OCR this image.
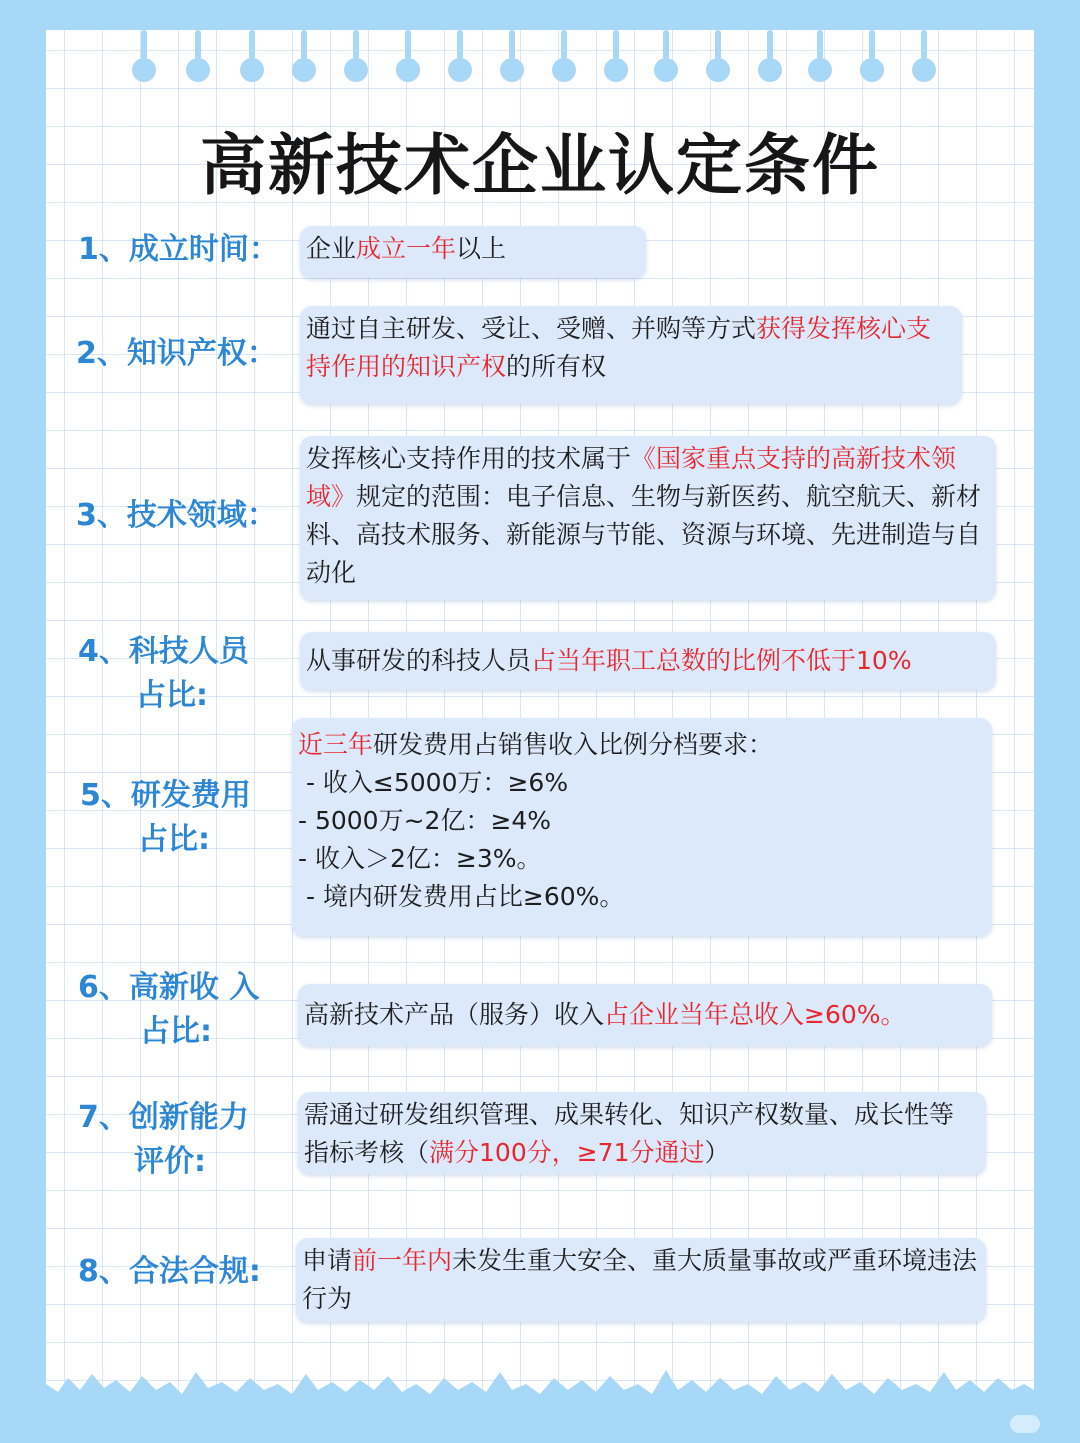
高新技术企业认定条件
1、成立时间： 企业成立一年以上
2、知识产权：
通过自主研发、受让、受赠、并购等方式获得发挥核心支持作用的知识产权的所有权
3、技术领域：
发挥核心支持作用的技术属于《国家重点支持的高新技术领域》规定的范围：电子信息、生物与新医药、航空航天、新材料、高技术服务、新能源与节能、资源与环境、先进制造与自动化
4、科技人员
占比:
从事研发的科技人员占当年职工总数的比例不低于10%
5、研发费用
占比:
近三年研发费用占销售收入比例分档要求：
- 收入≤5000万：≥6%
- 5000万~2亿：≥4%
- 收入＞2亿：≥3%。
- 境内研发费用占比≥60%。
6、高新收 入
占比:	高新技术产品（服务）收入占企业当年总收入≥60%。
7、创新能力
评价:
需通过研发组织管理、成果转化、知识产权数量、成长性等指标考核（满分100分，≥71分通过）
8、合法合规: 申请前一年内未发生重大安全、重大质量事故或严重环境违法行为
